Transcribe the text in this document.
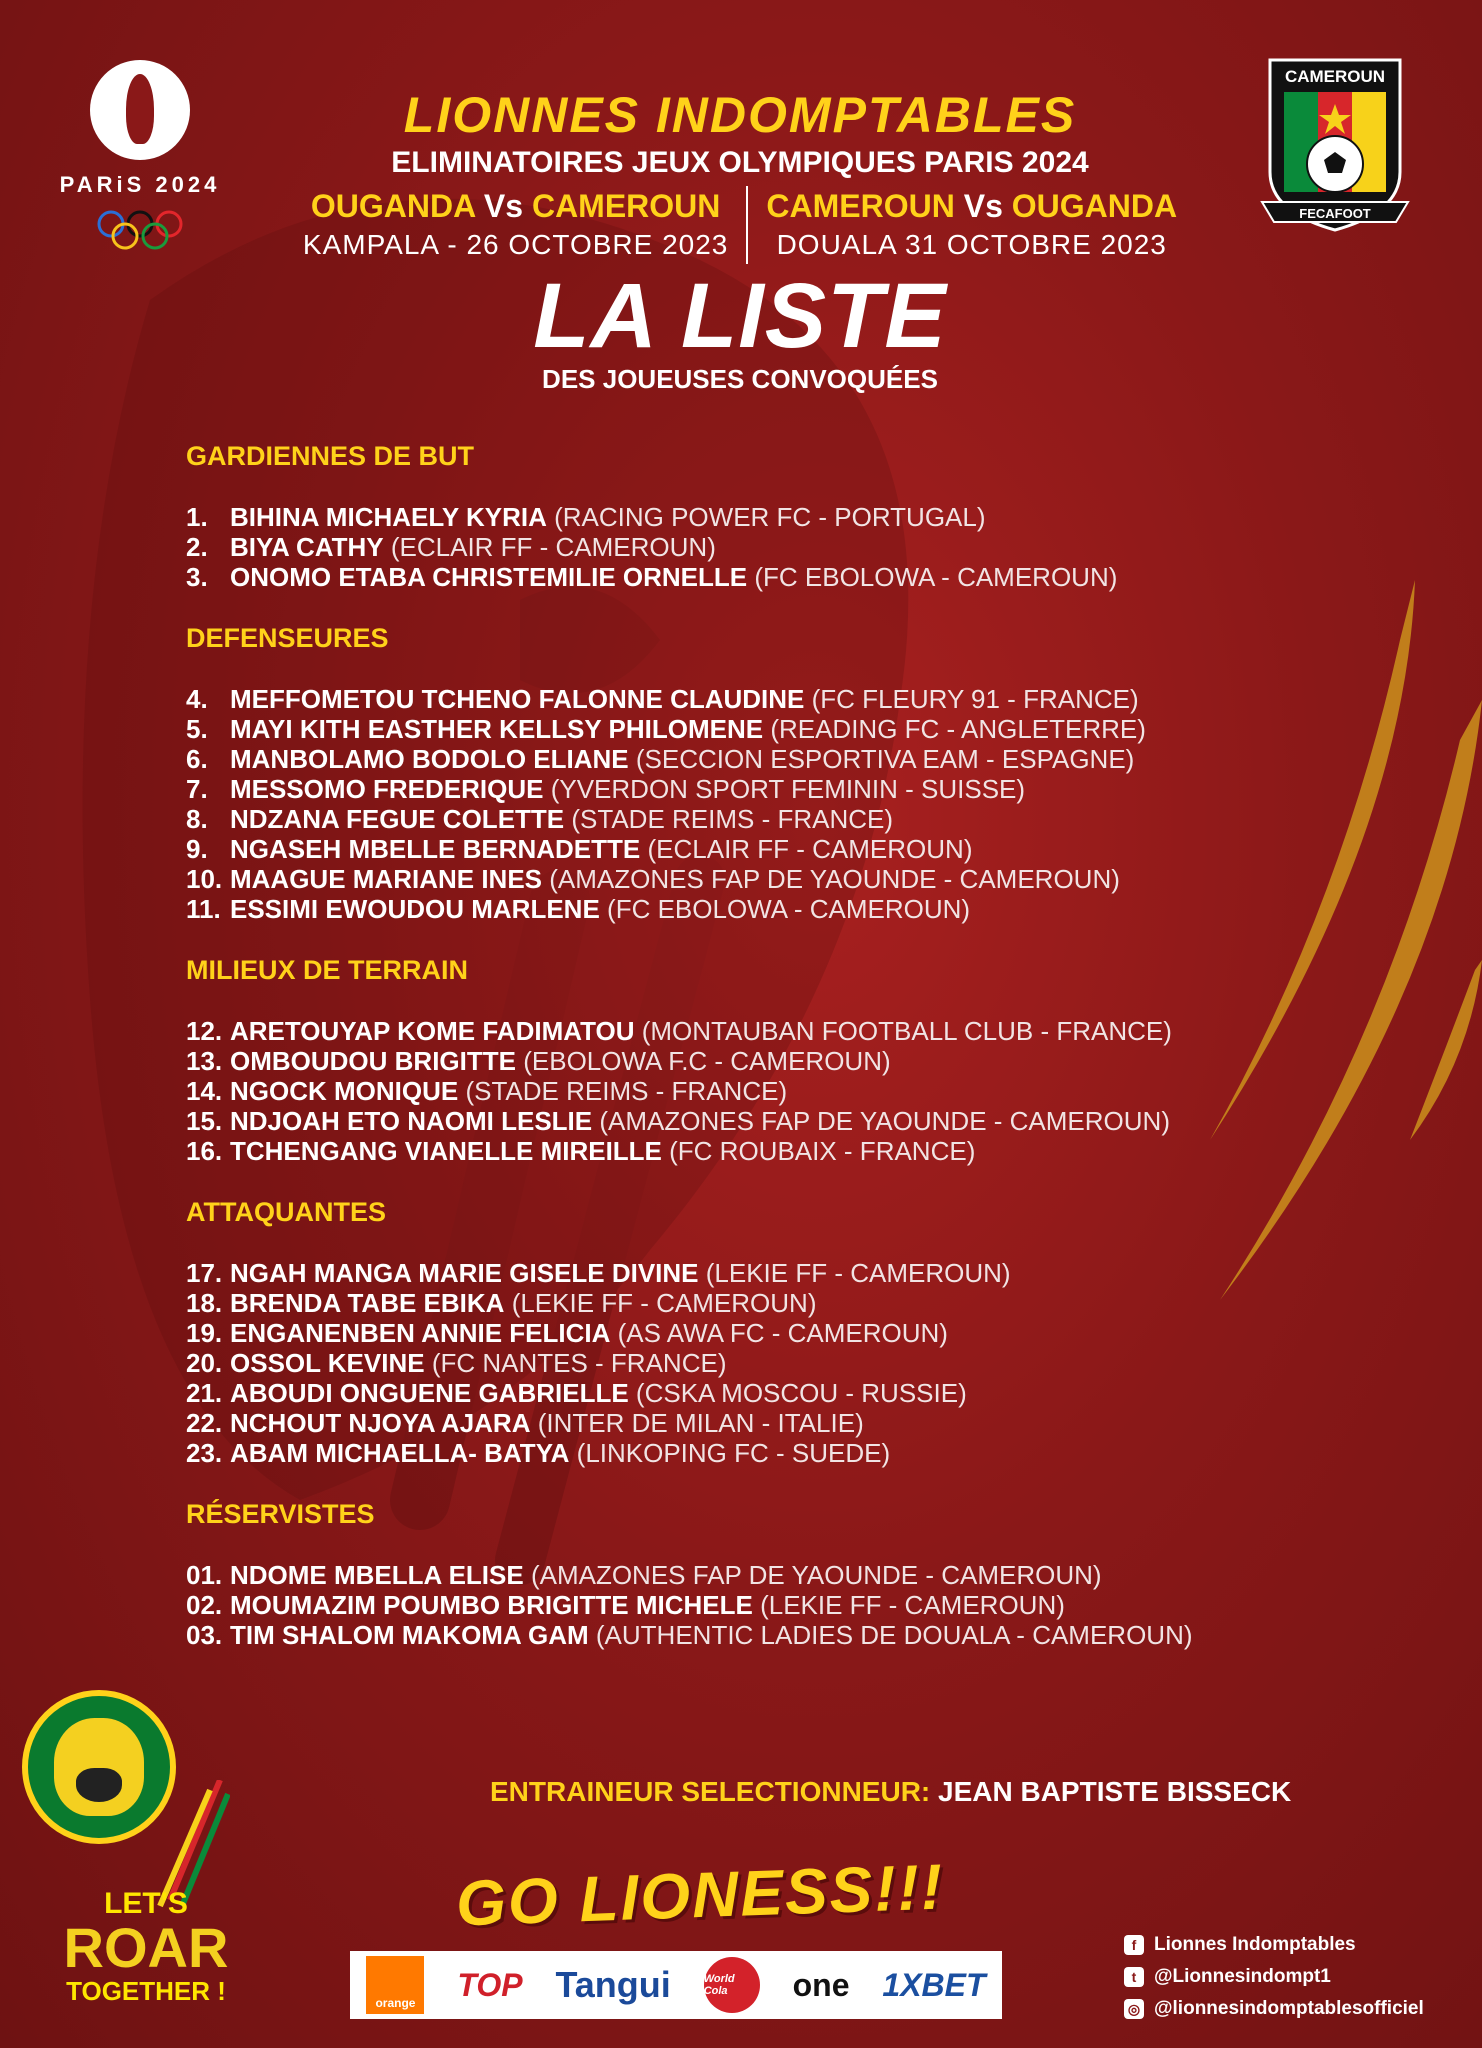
PARiS 2024
LIONNES INDOMPTABLES
ELIMINATOIRES JEUX OLYMPIQUES PARIS 2024
OUGANDA Vs CAMEROUN
KAMPALA - 26 OCTOBRE 2023
CAMEROUN Vs OUGANDA
DOUALA 31 OCTOBRE 2023
LA LISTE
DES JOUEUSES CONVOQUÉES
CAMEROUN
FECAFOOT
GARDIENNES DE BUT
1. BIHINA MICHAELY KYRIA (RACING POWER FC - PORTUGAL)
2. BIYA CATHY (ECLAIR FF - CAMEROUN)
3. ONOMO ETABA CHRISTEMILIE ORNELLE (FC EBOLOWA - CAMEROUN)
DEFENSEURES
4. MEFFOMETOU TCHENO FALONNE CLAUDINE (FC FLEURY 91 - FRANCE)
5. MAYI KITH EASTHER KELLSY PHILOMENE (READING FC - ANGLETERRE)
6. MANBOLAMO BODOLO ELIANE (SECCION ESPORTIVA EAM - ESPAGNE)
7. MESSOMO FREDERIQUE (YVERDON SPORT FEMININ - SUISSE)
8. NDZANA FEGUE COLETTE (STADE REIMS - FRANCE)
9. NGASEH MBELLE BERNADETTE (ECLAIR FF - CAMEROUN)
10. MAAGUE MARIANE INES (AMAZONES FAP DE YAOUNDE - CAMEROUN)
11. ESSIMI EWOUDOU MARLENE (FC EBOLOWA - CAMEROUN)
MILIEUX DE TERRAIN
12. ARETOUYAP KOME FADIMATOU (MONTAUBAN FOOTBALL CLUB - FRANCE)
13. OMBOUDOU BRIGITTE (EBOLOWA F.C - CAMEROUN)
14. NGOCK MONIQUE (STADE REIMS - FRANCE)
15. NDJOAH ETO NAOMI LESLIE (AMAZONES FAP DE YAOUNDE - CAMEROUN)
16. TCHENGANG VIANELLE MIREILLE (FC ROUBAIX - FRANCE)
ATTAQUANTES
17. NGAH MANGA MARIE GISELE DIVINE (LEKIE FF - CAMEROUN)
18. BRENDA TABE EBIKA (LEKIE FF - CAMEROUN)
19. ENGANENBEN ANNIE FELICIA (AS AWA FC - CAMEROUN)
20. OSSOL KEVINE (FC NANTES - FRANCE)
21. ABOUDI ONGUENE GABRIELLE (CSKA MOSCOU - RUSSIE)
22. NCHOUT NJOYA AJARA (INTER DE MILAN - ITALIE)
23. ABAM MICHAELLA- BATYA (LINKOPING FC - SUEDE)
RÉSERVISTES
01. NDOME MBELLA ELISE (AMAZONES FAP DE YAOUNDE - CAMEROUN)
02. MOUMAZIM POUMBO BRIGITTE MICHELE (LEKIE FF - CAMEROUN)
03. TIM SHALOM MAKOMA GAM (AUTHENTIC LADIES DE DOUALA - CAMEROUN)
ENTRAINEUR SELECTIONNEUR: JEAN BAPTISTE BISSECK
LET'S
ROAR
TOGETHER !
GO LIONESS!!!
orange
TOP Tangui	World Cola	one 1XBET
f Lionnes Indomptables
t @Lionnesindompt1
◎ @lionnesindomptablesofficiel
